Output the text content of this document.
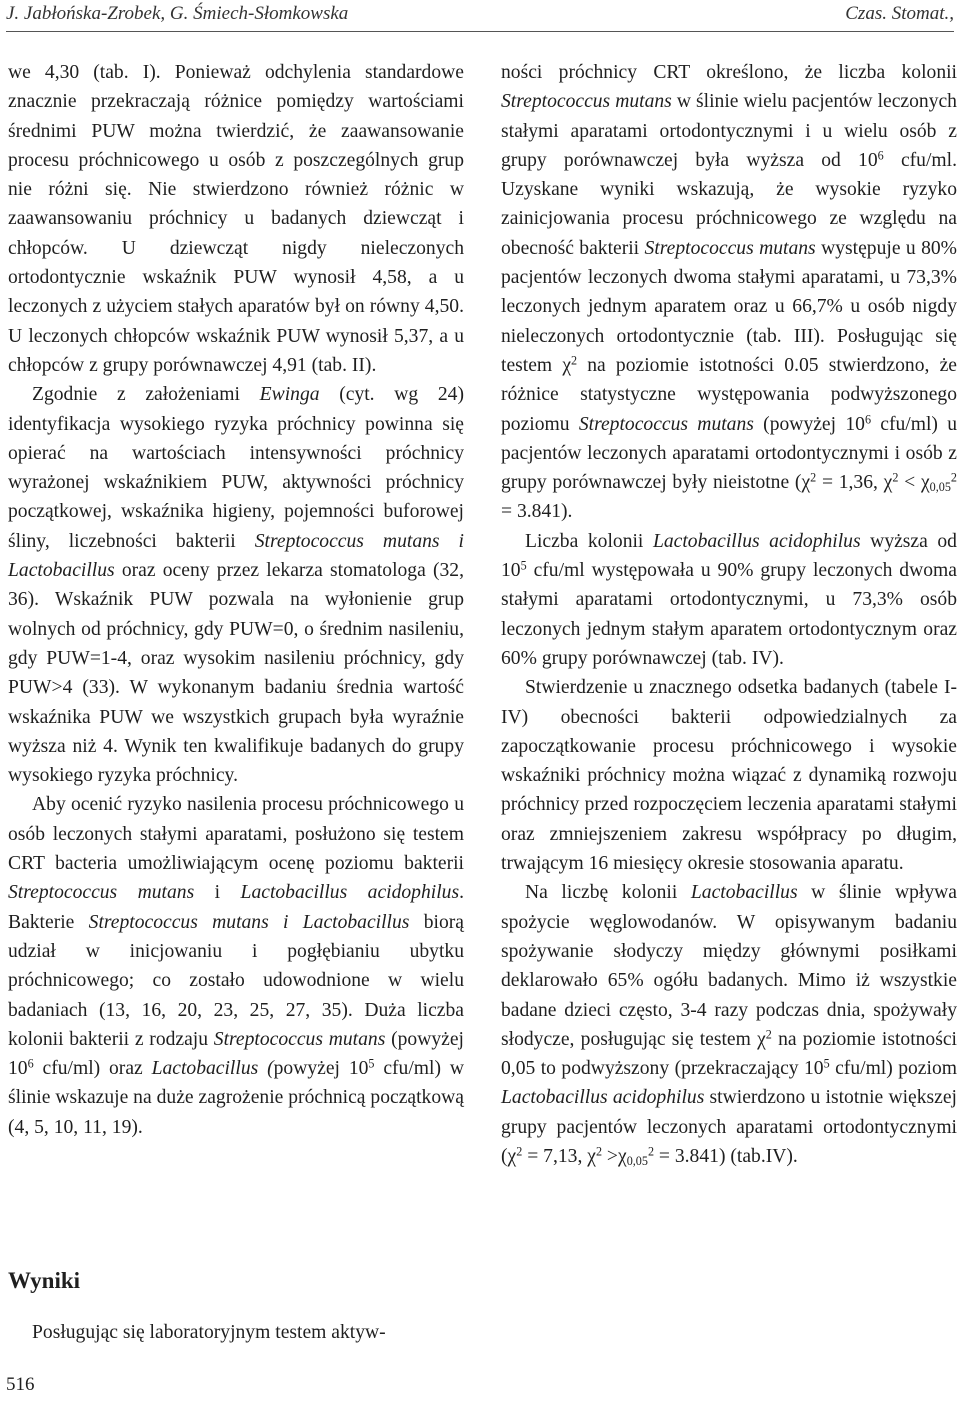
J. Jabłońska-Zrobek, G. Śmiech-Słomkowska	Czas. Stomat.,

we 4,30 (tab. I). Ponieważ odchylenia standardowe znacznie przekraczają różnice pomiędzy wartościami średnimi PUW można twierdzić, że zaawansowanie procesu próchnicowego u osób z poszczególnych grup nie różni się. Nie stwierdzono również różnic w zaawansowaniu próchnicy u badanych dziewcząt i chłopców. U dziewcząt nigdy nieleczonych ortodontycznie wskaźnik PUW wynosił 4,58, a u leczonych z użyciem stałych aparatów był on równy 4,50. U leczonych chłopców wskaźnik PUW wynosił 5,37, a u chłopców z grupy porównawczej 4,91 (tab. II).

Zgodnie z założeniami Ewinga (cyt. wg 24) identyfikacja wysokiego ryzyka próchnicy powinna się opierać na wartościach intensywności próchnicy wyrażonej wskaźnikiem PUW, aktywności próchnicy początkowej, wskaźnika higieny, pojemności buforowej śliny, liczebności bakterii Streptococcus mutans i Lactobacillus oraz oceny przez lekarza stomatologa (32, 36). Wskaźnik PUW pozwala na wyłonienie grup wolnych od próchnicy, gdy PUW=0, o średnim nasileniu, gdy PUW=1-4, oraz wysokim nasileniu próchnicy, gdy PUW>4 (33). W wykonanym badaniu średnia wartość wskaźnika PUW we wszystkich grupach była wyraźnie wyższa niż 4. Wynik ten kwalifikuje badanych do grupy wysokiego ryzyka próchnicy.

Aby ocenić ryzyko nasilenia procesu próchnicowego u osób leczonych stałymi aparatami, posłużono się testem CRT bacteria umożliwiającym ocenę poziomu bakterii Streptococcus mutans i Lactobacillus acidophilus. Bakterie Streptococcus mutans i Lactobacillus biorą udział w inicjowaniu i pogłębianiu ubytku próchnicowego; co zostało udowodnione w wielu badaniach (13, 16, 20, 23, 25, 27, 35). Duża liczba kolonii bakterii z rodzaju Streptococcus mutans (powyżej $10^6$ cfu/ml) oraz Lactobacillus (powyżej $10^5$ cfu/ml) w ślinie wskazuje na duże zagrożenie próchnicą początkową (4, 5, 10, 11, 19).

Wyniki
Posługując się laboratoryjnym testem aktyw-

ności próchnicy CRT określono, że liczba kolonii Streptococcus mutans w ślinie wielu pacjentów leczonych stałymi aparatami ortodontycznymi i u wielu osób z grupy porównawczej była wyższa od $10^6$ cfu/ml. Uzyskane wyniki wskazują, że wysokie ryzyko zainicjowania procesu próchnicowego ze względu na obecność bakterii Streptococcus mutans występuje u 80% pacjentów leczonych dwoma stałymi aparatami, u 73,3% leczonych jednym aparatem oraz u 66,7% u osób nigdy nieleczonych ortodontycznie (tab. III). Posługując się testem $\chi^2$ na poziomie istotności 0.05 stwierdzono, że różnice statystyczne występowania podwyższonego poziomu Streptococcus mutans (powyżej $10^6$ cfu/ml) u pacjentów leczonych aparatami ortodontycznymi i osób z grupy porównawczej były nieistotne ($\chi^2 = 1,36$, $\chi^2 < \chi_{0,05}^2 = 3.841$).

Liczba kolonii Lactobacillus acidophilus wyższa od $10^5$ cfu/ml występowała u 90% grupy leczonych dwoma stałymi aparatami ortodontycznymi, u 73,3% osób leczonych jednym stałym aparatem ortodontycznym oraz 60% grupy porównawczej (tab. IV).

Stwierdzenie u znacznego odsetka badanych (tabele I-IV) obecności bakterii odpowiedzialnych za zapoczątkowanie procesu próchnicowego i wysokie wskaźniki próchnicy można wiązać z dynamiką rozwoju próchnicy przed rozpoczęciem leczenia aparatami stałymi oraz zmniejszeniem zakresu współpracy po długim, trwającym 16 miesięcy okresie stosowania aparatu.

Na liczbę kolonii Lactobacillus w ślinie wpływa spożycie węglowodanów. W opisywanym badaniu spożywanie słodyczy między głównymi posiłkami deklarowało 65% ogółu badanych. Mimo iż wszystkie badane dzieci często, 3-4 razy podczas dnia, spożywały słodycze, posługując się testem $\chi^2$ na poziomie istotności 0,05 to podwyższony (przekraczający $10^5$ cfu/ml) poziom Lactobacillus acidophilus stwierdzono u istotnie większej grupy pacjentów leczonych aparatami ortodontycznymi ($\chi^2 = 7,13$, $\chi^2 >\chi_{0,05}^2 = 3.841$) (tab.IV).

516
